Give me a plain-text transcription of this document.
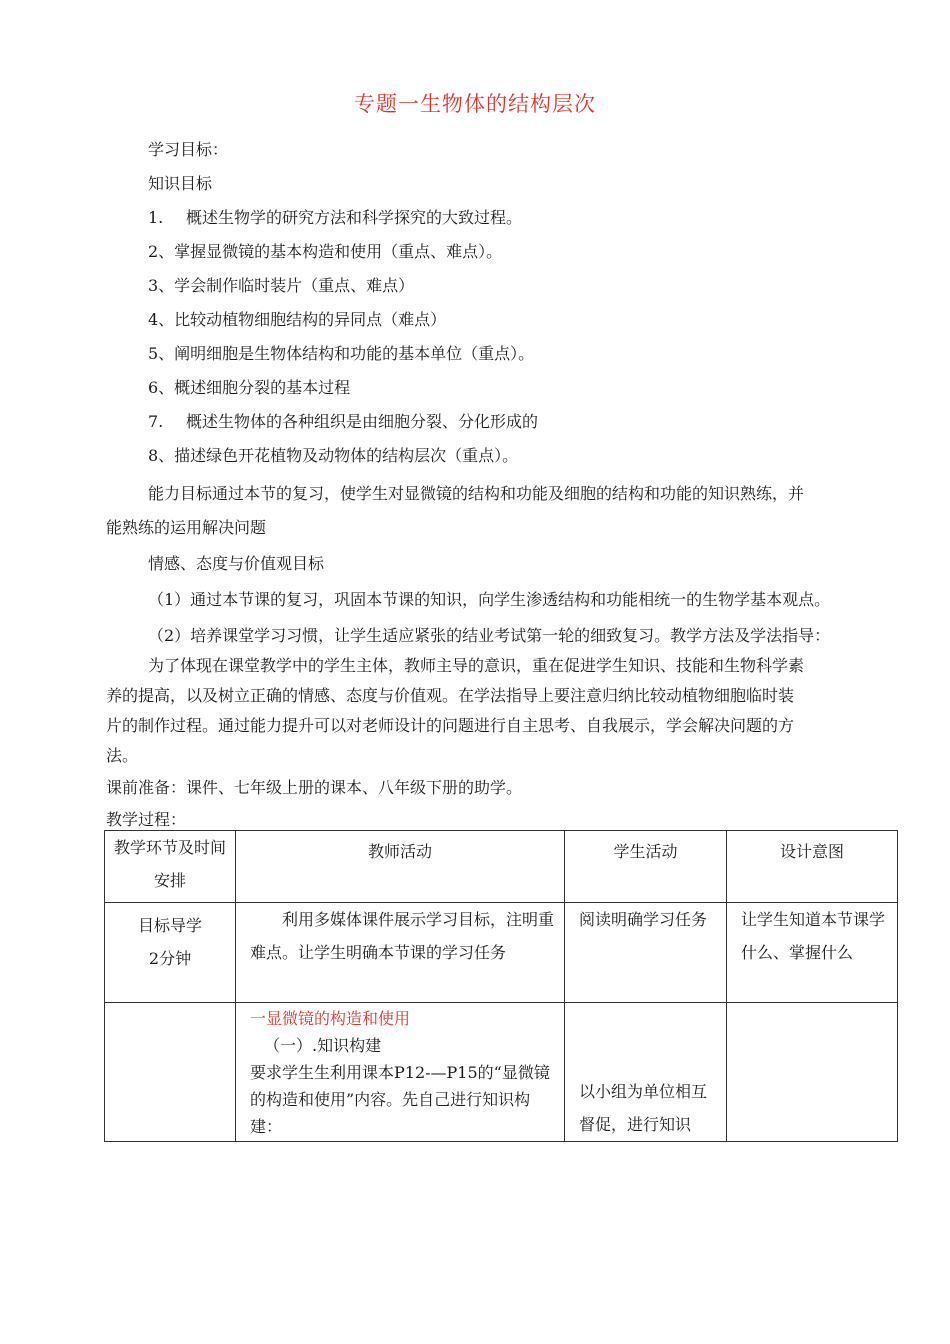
专题一生物体的结构层次
学习目标：
知识目标
1. 概述生物学的研究方法和科学探究的大致过程。
2、掌握显微镜的基本构造和使用（重点、难点）。
3、学会制作临时装片（重点、难点）
4、比较动植物细胞结构的异同点（难点）
5、阐明细胞是生物体结构和功能的基本单位（重点）。
6、概述细胞分裂的基本过程
7. 概述生物体的各种组织是由细胞分裂、分化形成的
8、描述绿色开花植物及动物体的结构层次（重点）。
能力目标通过本节的复习，使学生对显微镜的结构和功能及细胞的结构和功能的知识熟练，并
能熟练的运用解决问题
情感、态度与价值观目标
（1）通过本节课的复习，巩固本节课的知识，向学生渗透结构和功能相统一的生物学基本观点。
（2）培养课堂学习习惯，让学生适应紧张的结业考试第一轮的细致复习。教学方法及学法指导：
为了体现在课堂教学中的学生主体，教师主导的意识，重在促进学生知识、技能和生物科学素
养的提高，以及树立正确的情感、态度与价值观。在学法指导上要注意归纳比较动植物细胞临时装
片的制作过程。通过能力提升可以对老师设计的问题进行自主思考、自我展示，学会解决问题的方
法。
课前准备：课件、七年级上册的课本、八年级下册的助学。
教学过程：
教学环节及时间安排	教师活动	学生活动	设计意图

目标导学
2分钟	利用多媒体课件展示学习目标，注明重难点。让学生明确本节课的学习任务	阅读明确学习任务	让学生知道本节课学什么、掌握什么

	一显微镜的构造和使用
（一）.知识构建
要求学生生利用课本P12-—P15的“显微镜的构造和使用”内容。先自己进行知识构建：	以小组为单位相互督促，进行知识	
